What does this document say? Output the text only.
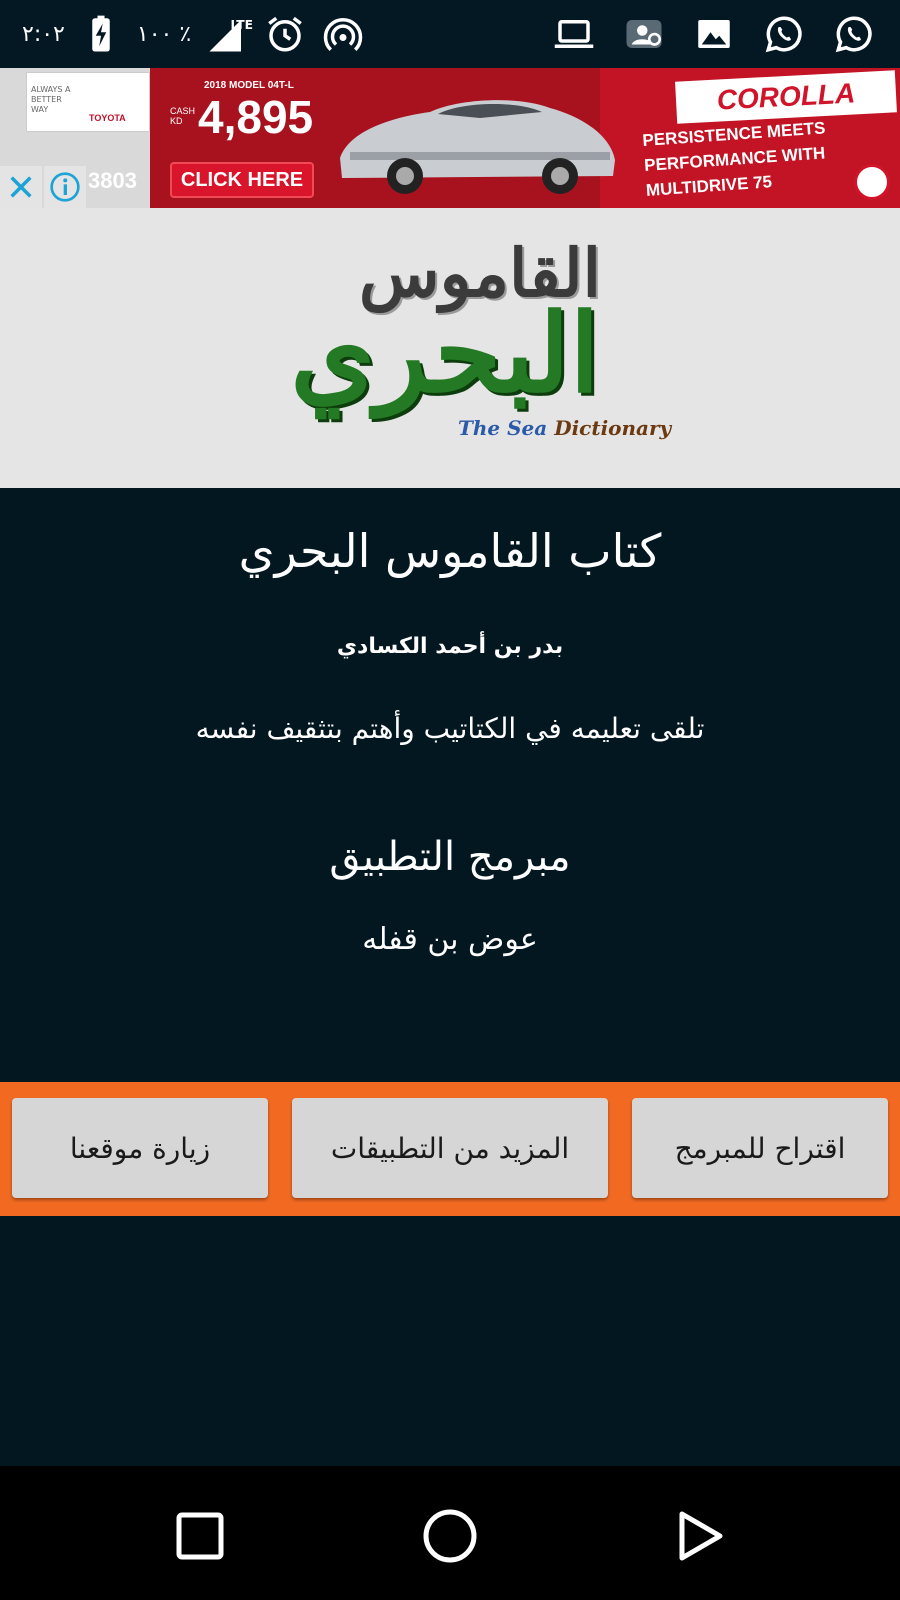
٢:٠٢	٪ ١٠٠	LTE
ALWAYS A BETTER WAY
TOYOTA
2018 MODEL 04T-L
CASH KD 4,895
CLICK HERE
COROLLA
PERSISTENCE MEETS PERFORMANCE WITH MULTIDRIVE 75
3803
القاموس
البحري
The Sea Dictionary
كتاب القاموس البحري
بدر بن أحمد الكسادي
تلقى تعليمه في الكتاتيب وأهتم بتثقيف نفسه
مبرمج التطبيق
عوض بن قفله
اقتراح للمبرمج
المزيد من التطبيقات
زيارة موقعنا
